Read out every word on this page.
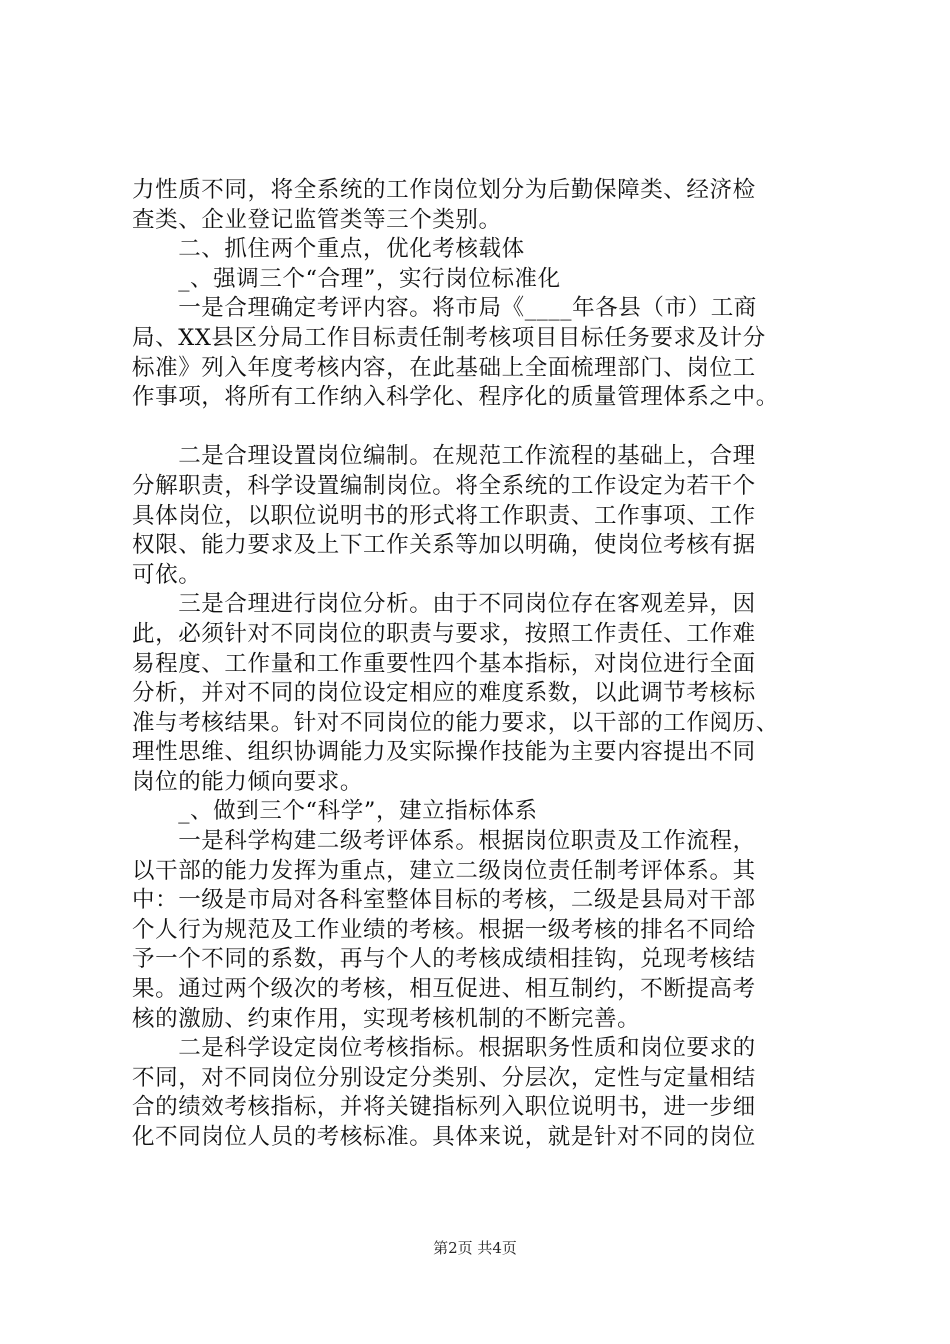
力性质不同，将全系统的工作岗位划分为后勤保障类、经济检
查类、企业登记监管类等三个类别。
　　二、抓住两个重点，优化考核载体
　　_、强调三个“合理”，实行岗位标准化
　　一是合理确定考评内容。将市局《____年各县（市）工商
局、XX县区分局工作目标责任制考核项目目标任务要求及计分
标准》列入年度考核内容，在此基础上全面梳理部门、岗位工
作事项，将所有工作纳入科学化、程序化的质量管理体系之中。
　　二是合理设置岗位编制。在规范工作流程的基础上，合理
分解职责，科学设置编制岗位。将全系统的工作设定为若干个
具体岗位，以职位说明书的形式将工作职责、工作事项、工作
权限、能力要求及上下工作关系等加以明确，使岗位考核有据
可依。
　　三是合理进行岗位分析。由于不同岗位存在客观差异，因
此，必须针对不同岗位的职责与要求，按照工作责任、工作难
易程度、工作量和工作重要性四个基本指标，对岗位进行全面
分析，并对不同的岗位设定相应的难度系数，以此调节考核标
准与考核结果。针对不同岗位的能力要求，以干部的工作阅历、
理性思维、组织协调能力及实际操作技能为主要内容提出不同
岗位的能力倾向要求。
　　_、做到三个“科学”，建立指标体系
　　一是科学构建二级考评体系。根据岗位职责及工作流程，
以干部的能力发挥为重点，建立二级岗位责任制考评体系。其
中：一级是市局对各科室整体目标的考核，二级是县局对干部
个人行为规范及工作业绩的考核。根据一级考核的排名不同给
予一个不同的系数，再与个人的考核成绩相挂钩，兑现考核结
果。通过两个级次的考核，相互促进、相互制约，不断提高考
核的激励、约束作用，实现考核机制的不断完善。
　　二是科学设定岗位考核指标。根据职务性质和岗位要求的
不同，对不同岗位分别设定分类别、分层次，定性与定量相结
合的绩效考核指标，并将关键指标列入职位说明书，进一步细
化不同岗位人员的考核标准。具体来说，就是针对不同的岗位
第2页 共4页
